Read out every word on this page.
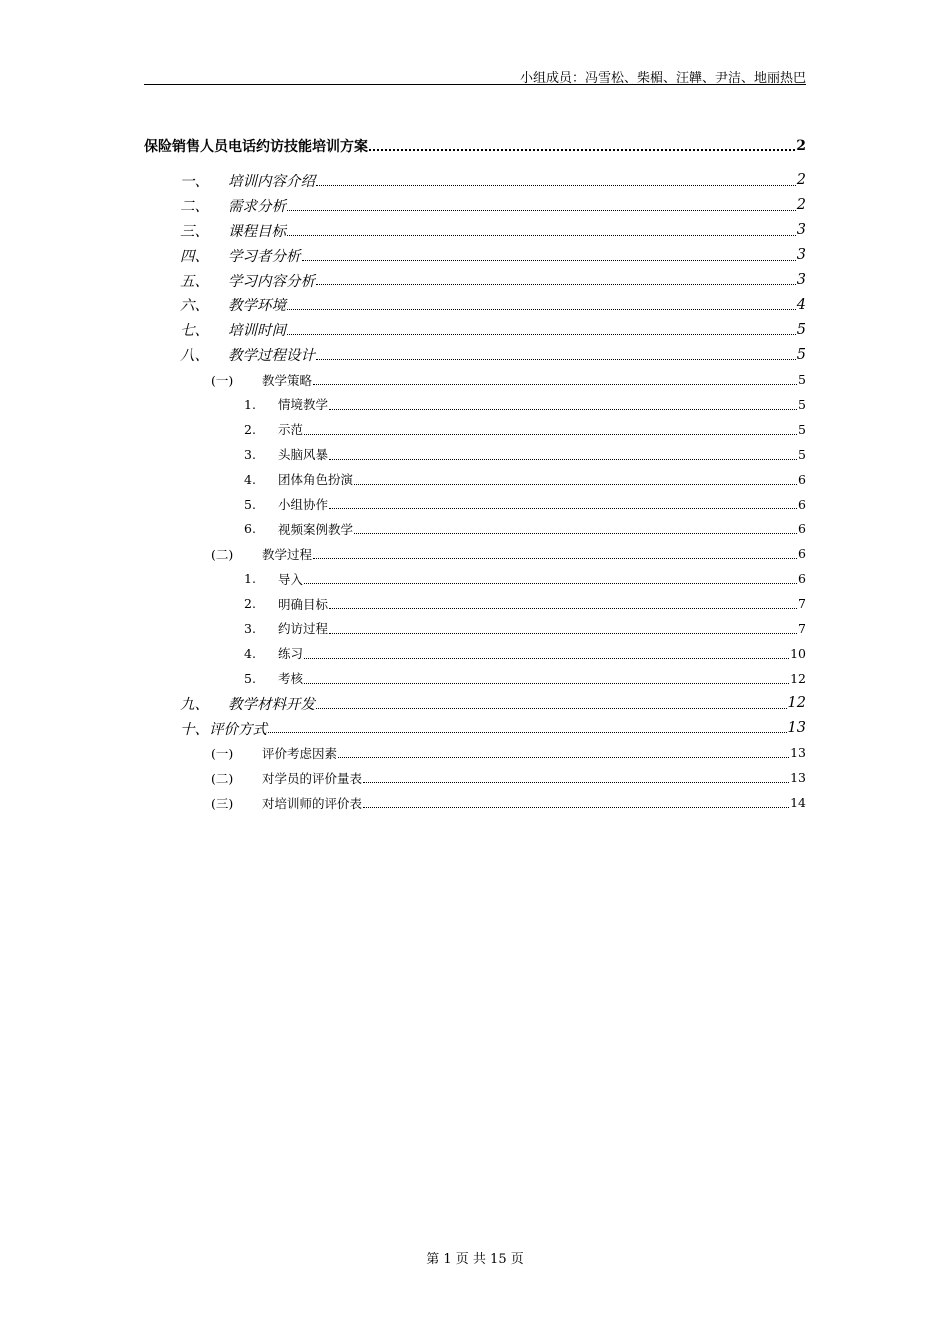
小组成员：冯雪松、柴楣、汪韡、尹洁、地丽热巴
保险销售人员电话约访技能培训方案	2
一、	培训内容介绍	2
二、	需求分析	2
三、	课程目标	3
四、	学习者分析	3
五、	学习内容分析	3
六、	教学环境	4
七、	培训时间	5
八、	教学过程设计	5
(一)	教学策略	5
1.	情境教学	5
2.	示范	5
3.	头脑风暴	5
4.	团体角色扮演	6
5.	小组协作	6
6.	视频案例教学	6
(二)	教学过程	6
1.	导入	6
2.	明确目标	7
3.	约访过程	7
4.	练习	10
5.	考核	12
九、	教学材料开发	12
十、评价方式	13
(一)	评价考虑因素	13
(二)	对学员的评价量表	13
(三)	对培训师的评价表	14
第 1 页 共 15 页
